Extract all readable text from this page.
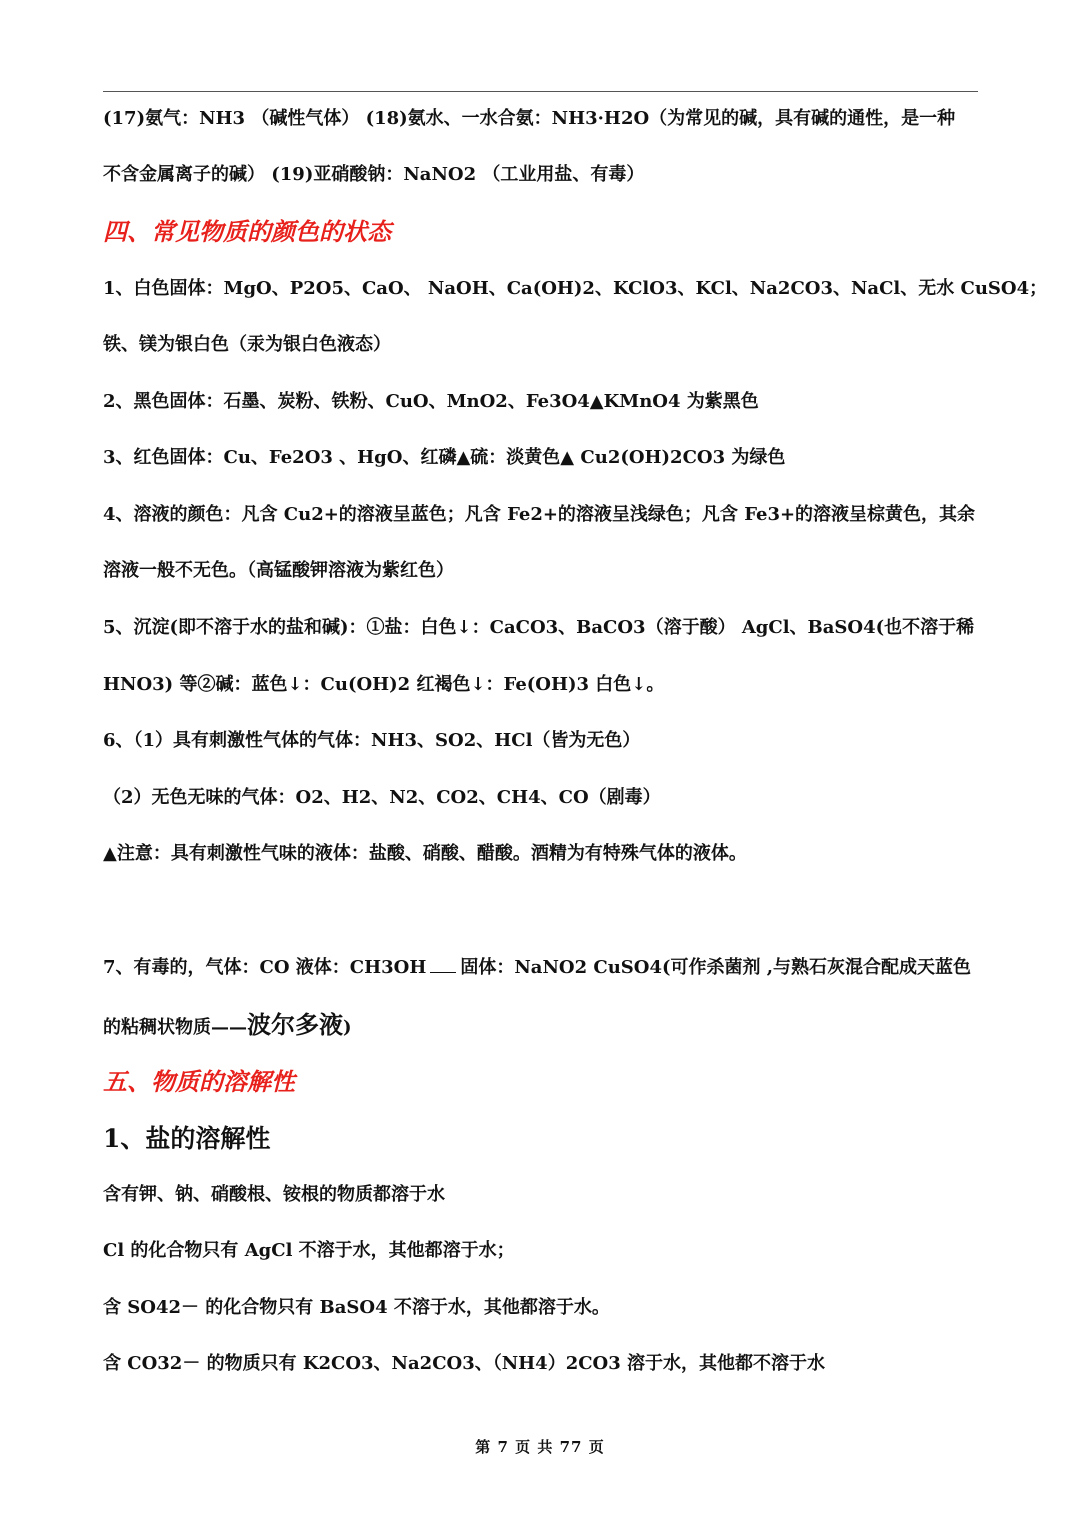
(17)氨气：NH3 （碱性气体） (18)氨水、一水合氨：NH3·H2O（为常见的碱，具有碱的通性，是一种
不含金属离子的碱） (19)亚硝酸钠：NaNO2 （工业用盐、有毒）
四、常见物质的颜色的状态
1、白色固体：MgO、P2O5、CaO、 NaOH、Ca(OH)2、KClO3、KCl、Na2CO3、NaCl、无水 CuSO4；
铁、镁为银白色（汞为银白色液态）
2、黑色固体：石墨、炭粉、铁粉、CuO、MnO2、Fe3O4▲KMnO4 为紫黑色
3、红色固体：Cu、Fe2O3 、HgO、红磷▲硫：淡黄色▲ Cu2(OH)2CO3 为绿色
4、溶液的颜色：凡含 Cu2+的溶液呈蓝色；凡含 Fe2+的溶液呈浅绿色；凡含 Fe3+的溶液呈棕黄色，其余
溶液一般不无色。（高锰酸钾溶液为紫红色）
5、沉淀(即不溶于水的盐和碱)：①盐：白色↓：CaCO3、BaCO3（溶于酸） AgCl、BaSO4(也不溶于稀
HNO3) 等②碱：蓝色↓：Cu(OH)2 红褐色↓：Fe(OH)3 白色↓。
6、（1）具有刺激性气体的气体：NH3、SO2、HCl（皆为无色）
（2）无色无味的气体：O2、H2、N2、CO2、CH4、CO（剧毒）
▲注意：具有刺激性气味的液体：盐酸、硝酸、醋酸。酒精为有特殊气体的液体。
7、有毒的，气体：CO 液体：CH3OH 固体：NaNO2 CuSO4(可作杀菌剂 ,与熟石灰混合配成天蓝色
的粘稠状物质——波尔多液)
五、物质的溶解性
1、盐的溶解性
含有钾、钠、硝酸根、铵根的物质都溶于水
Cl 的化合物只有 AgCl 不溶于水，其他都溶于水；
含 SO42－ 的化合物只有 BaSO4 不溶于水，其他都溶于水。
含 CO32－ 的物质只有 K2CO3、Na2CO3、（NH4）2CO3 溶于水，其他都不溶于水
第 7 页 共 77 页
